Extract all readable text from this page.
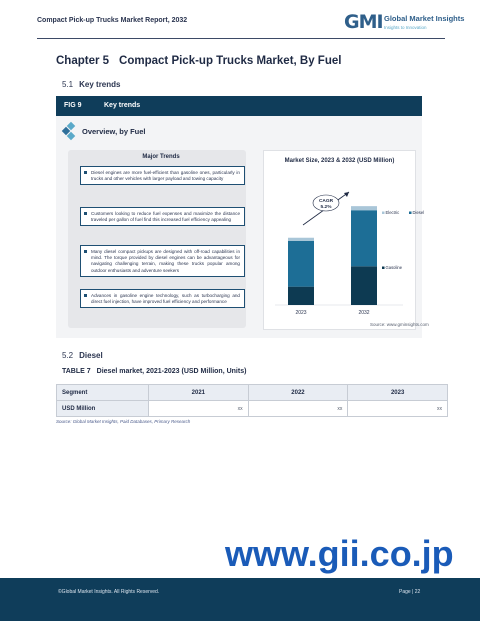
Compact Pick-up Trucks Market Report, 2032	GMI Global Market Insights
Insights to Innovation
Chapter 5 Compact Pick-up Trucks Market, By Fuel
5.1 Key trends
FIG 9	Key trends
Overview, by Fuel
Major Trends
Diesel engines are more fuel-efficient than gasoline ones, particularly in trucks and other vehicles with larger payload and towing capacity
Customers looking to reduce fuel expenses and maximize the distance traveled per gallon of fuel find this increased fuel efficiency appealing
Many diesel compact pickups are designed with off-road capabilities in mind. The torque provided by diesel engines can be advantageous for navigating challenging terrain, making these trucks popular among outdoor enthusiasts and adventure seekers
Advances in gasoline engine technology, such as turbocharging and direct fuel injection, have improved fuel efficiency and performance
Market Size, 2023 & 2032 (USD Million)
2023	2032
CAGR
5.2%
Electric	Diesel
Gasoline
Source: www.gminsights.com
5.2 Diesel
TABLE 7 Diesel market, 2021-2023 (USD Million, Units)
Segment	2021	2022	2023
USD Million	xx	xx	xx
Source: Global Market Insights, Paid Databases, Primary Research
www.gii.co.jp
©Global Market Insights. All Rights Reserved.	Page | 22
